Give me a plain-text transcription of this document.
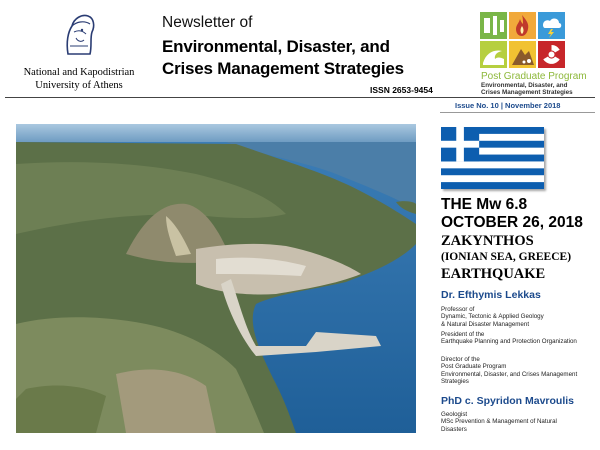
National and Kapodistrian
University of Athens
Newsletter of
Environmental, Disaster, and
Crises Management Strategies
ISSN 2653-9454
Post Graduate Program
Environmental, Disaster, and
Crises Management Strategies
Issue No. 10 | November 2018
THE Mw 6.8
OCTOBER 26, 2018
ZAKYNTHOS
(IONIAN SEA, GREECE)
EARTHQUAKE
Dr. Efthymis Lekkas
Professor of
Dynamic, Tectonic & Applied Geology
& Natural Disaster Management
President of the
Earthquake Planning and Protection Organization
Director of the
Post Graduate Program
Environmental, Disaster, and Crises Management
Strategies
PhD c. Spyridon Mavroulis
Geologist
MSc Prevention & Management of Natural
Disasters
